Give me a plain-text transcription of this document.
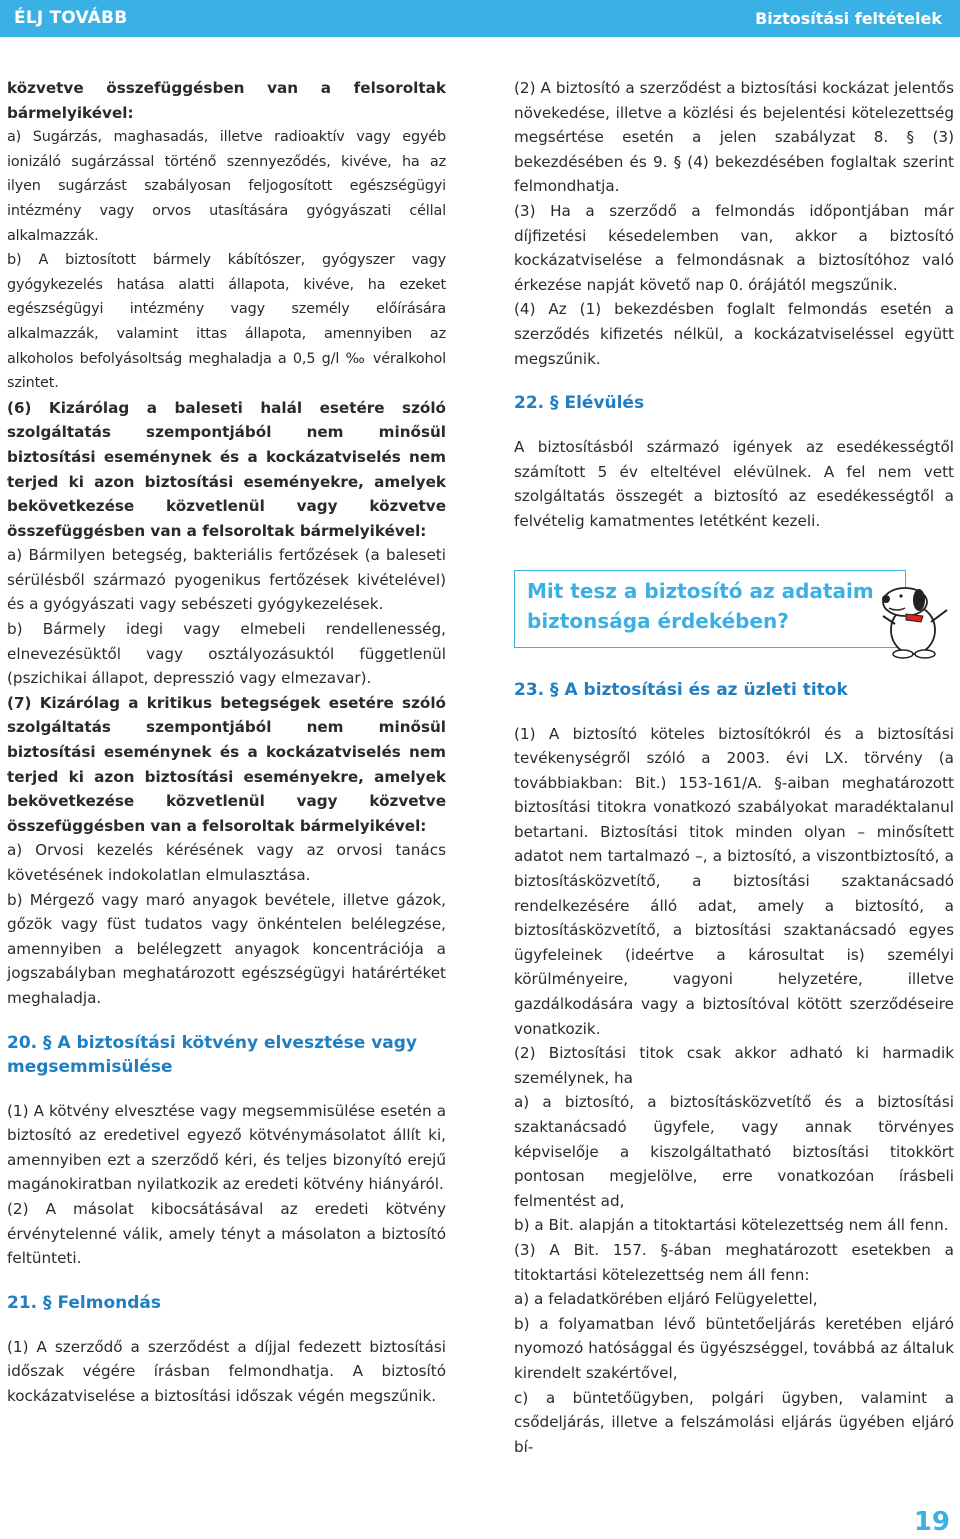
ÉLJ TOVÁBB	Biztosítási feltételek

közvetve összefüggésben van a felsoroltak bármelyikével:

a) Sugárzás, maghasadás, illetve radioaktív vagy egyéb ionizáló sugárzással történő szennyeződés, kivéve, ha az ilyen sugárzást szabályosan feljogosított egészségügyi intézmény vagy orvos utasítására gyógyászati céllal alkalmazzák.

b) A biztosított bármely kábítószer, gyógyszer vagy gyógykezelés hatása alatti állapota, kivéve, ha ezeket egészségügyi intézmény vagy személy előírására alkalmazzák, valamint ittas állapota, amennyiben az alkoholos befolyásoltság meghaladja a 0,5 g/l ‰ véralkohol szintet.

(6) Kizárólag a baleseti halál esetére szóló szolgáltatás szempontjából nem minősül biztosítási eseménynek és a kockázatviselés nem terjed ki azon biztosítási eseményekre, amelyek bekövetkezése közvetlenül vagy közvetve összefüggésben van a felsoroltak bármelyikével:

a) Bármilyen betegség, bakteriális fertőzések (a baleseti sérülésből származó pyogenikus fertőzések kivételével) és a gyógyászati vagy sebészeti gyógykezelések.

b) Bármely idegi vagy elmebeli rendellenesség, elnevezésüktől vagy osztályozásuktól függetlenül (pszichikai állapot, depresszió vagy elmezavar).

(7) Kizárólag a kritikus betegségek esetére szóló szolgáltatás szempontjából nem minősül biztosítási eseménynek és a kockázatviselés nem terjed ki azon biztosítási eseményekre, amelyek bekövetkezése közvetlenül vagy közvetve összefüggésben van a felsoroltak bármelyikével:

a) Orvosi kezelés kérésének vagy az orvosi tanács követésének indokolatlan elmulasztása.

b) Mérgező vagy maró anyagok bevétele, illetve gázok, gőzök vagy füst tudatos vagy önkéntelen belélegzése, amennyiben a belélegzett anyagok koncentrációja a jogszabályban meghatározott egészségügyi határértéket meghaladja.

20. § A biztosítási kötvény elvesztése vagy megsemmisülése

(1) A kötvény elvesztése vagy megsemmisülése esetén a biztosító az eredetivel egyező kötvénymásolatot állít ki, amennyiben ezt a szerződő kéri, és teljes bizonyító erejű magánokiratban nyilatkozik az eredeti kötvény hiányáról.

(2) A másolat kibocsátásával az eredeti kötvény érvénytelenné válik, amely tényt a másolaton a biztosító feltünteti.

21. § Felmondás

(1) A szerződő a szerződést a díjjal fedezett biztosítási időszak végére írásban felmondhatja. A biztosító kockázatviselése a biztosítási időszak végén megszűnik.

(2) A biztosító a szerződést a biztosítási kockázat jelentős növekedése, illetve a közlési és bejelentési kötelezettség megsértése esetén a jelen szabályzat 8. § (3) bekezdésében és 9. § (4) bekezdésében foglaltak szerint felmondhatja.

(3) Ha a szerződő a felmondás időpontjában már díjfizetési késedelemben van, akkor a biztosító kockázatviselése a felmondásnak a biztosítóhoz való érkezése napját követő nap 0. órájától megszűnik.

(4) Az (1) bekezdésben foglalt felmondás esetén a szerződés kifizetés nélkül, a kockázatviseléssel együtt megszűnik.

22. § Elévülés

A biztosításból származó igények az esedékességtől számított 5 év elteltével elévülnek. A fel nem vett szolgáltatás összegét a biztosító az esedékességtől a felvételig kamatmentes letétként kezeli.

Mit tesz a biztosító az adataim biztonsága érdekében?
23. § A biztosítási és az üzleti titok

(1) A biztosító köteles biztosítókról és a biztosítási tevékenységről szóló a 2003. évi LX. törvény (a továbbiakban: Bit.) 153-161/A. §-aiban meghatározott biztosítási titokra vonatkozó szabályokat maradéktalanul betartani. Biztosítási titok minden olyan – minősített adatot nem tartalmazó –, a biztosító, a viszontbiztosító, a biztosításközvetítő, a biztosítási szaktanácsadó rendelkezésére álló adat, amely a biztosító, a biztosításközvetítő, a biztosítási szaktanácsadó egyes ügyfeleinek (ideértve a károsultat is) személyi körülményeire, vagyoni helyzetére, illetve gazdálkodására vagy a biztosítóval kötött szerződéseire vonatkozik.

(2) Biztosítási titok csak akkor adható ki harmadik személynek, ha

a) a biztosító, a biztosításközvetítő és a biztosítási szaktanácsadó ügyfele, vagy annak törvényes képviselője a kiszolgáltatható biztosítási titokkört pontosan megjelölve, erre vonatkozóan írásbeli felmentést ad,

b) a Bit. alapján a titoktartási kötelezettség nem áll fenn.

(3) A Bit. 157. §-ában meghatározott esetekben a titoktartási kötelezettség nem áll fenn:

a) a feladatkörében eljáró Felügyelettel,

b) a folyamatban lévő büntetőeljárás keretében eljáró nyomozó hatósággal és ügyészséggel, továbbá az általuk kirendelt szakértővel,

c) a büntetőügyben, polgári ügyben, valamint a csődeljárás, illetve a felszámolási eljárás ügyében eljáró bí-

19
